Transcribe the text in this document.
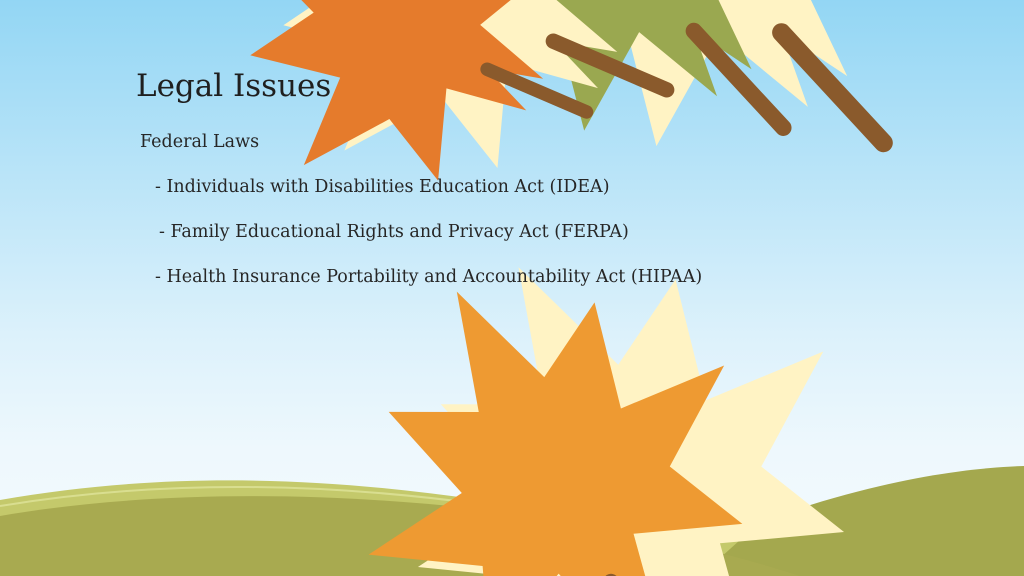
Legal Issues
Federal Laws
- Individuals with Disabilities Education Act (IDEA)
- Family Educational Rights and Privacy Act (FERPA)
- Health Insurance Portability and Accountability Act (HIPAA)
